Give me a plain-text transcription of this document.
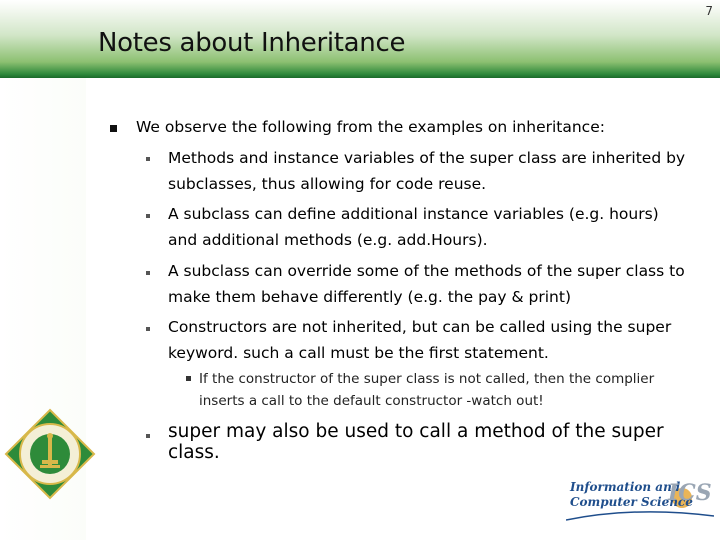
7
Notes about Inheritance
We observe the following from the examples on inheritance:
Methods and instance variables of the super class are inherited by
subclasses, thus allowing for code reuse.
A subclass can define additional instance variables (e.g. hours)
and additional methods (e.g. add.Hours).
A subclass can override some of the methods of the super class to
make them behave differently (e.g. the pay & print)
Constructors are not inherited, but can be called using the super
keyword. such a call must be the first statement.
If the constructor of the super class is not called, then the complier
inserts a call to the default constructor -watch out!
super may also be used to call a method of the super class.
Information and
Computer Science
ICS
